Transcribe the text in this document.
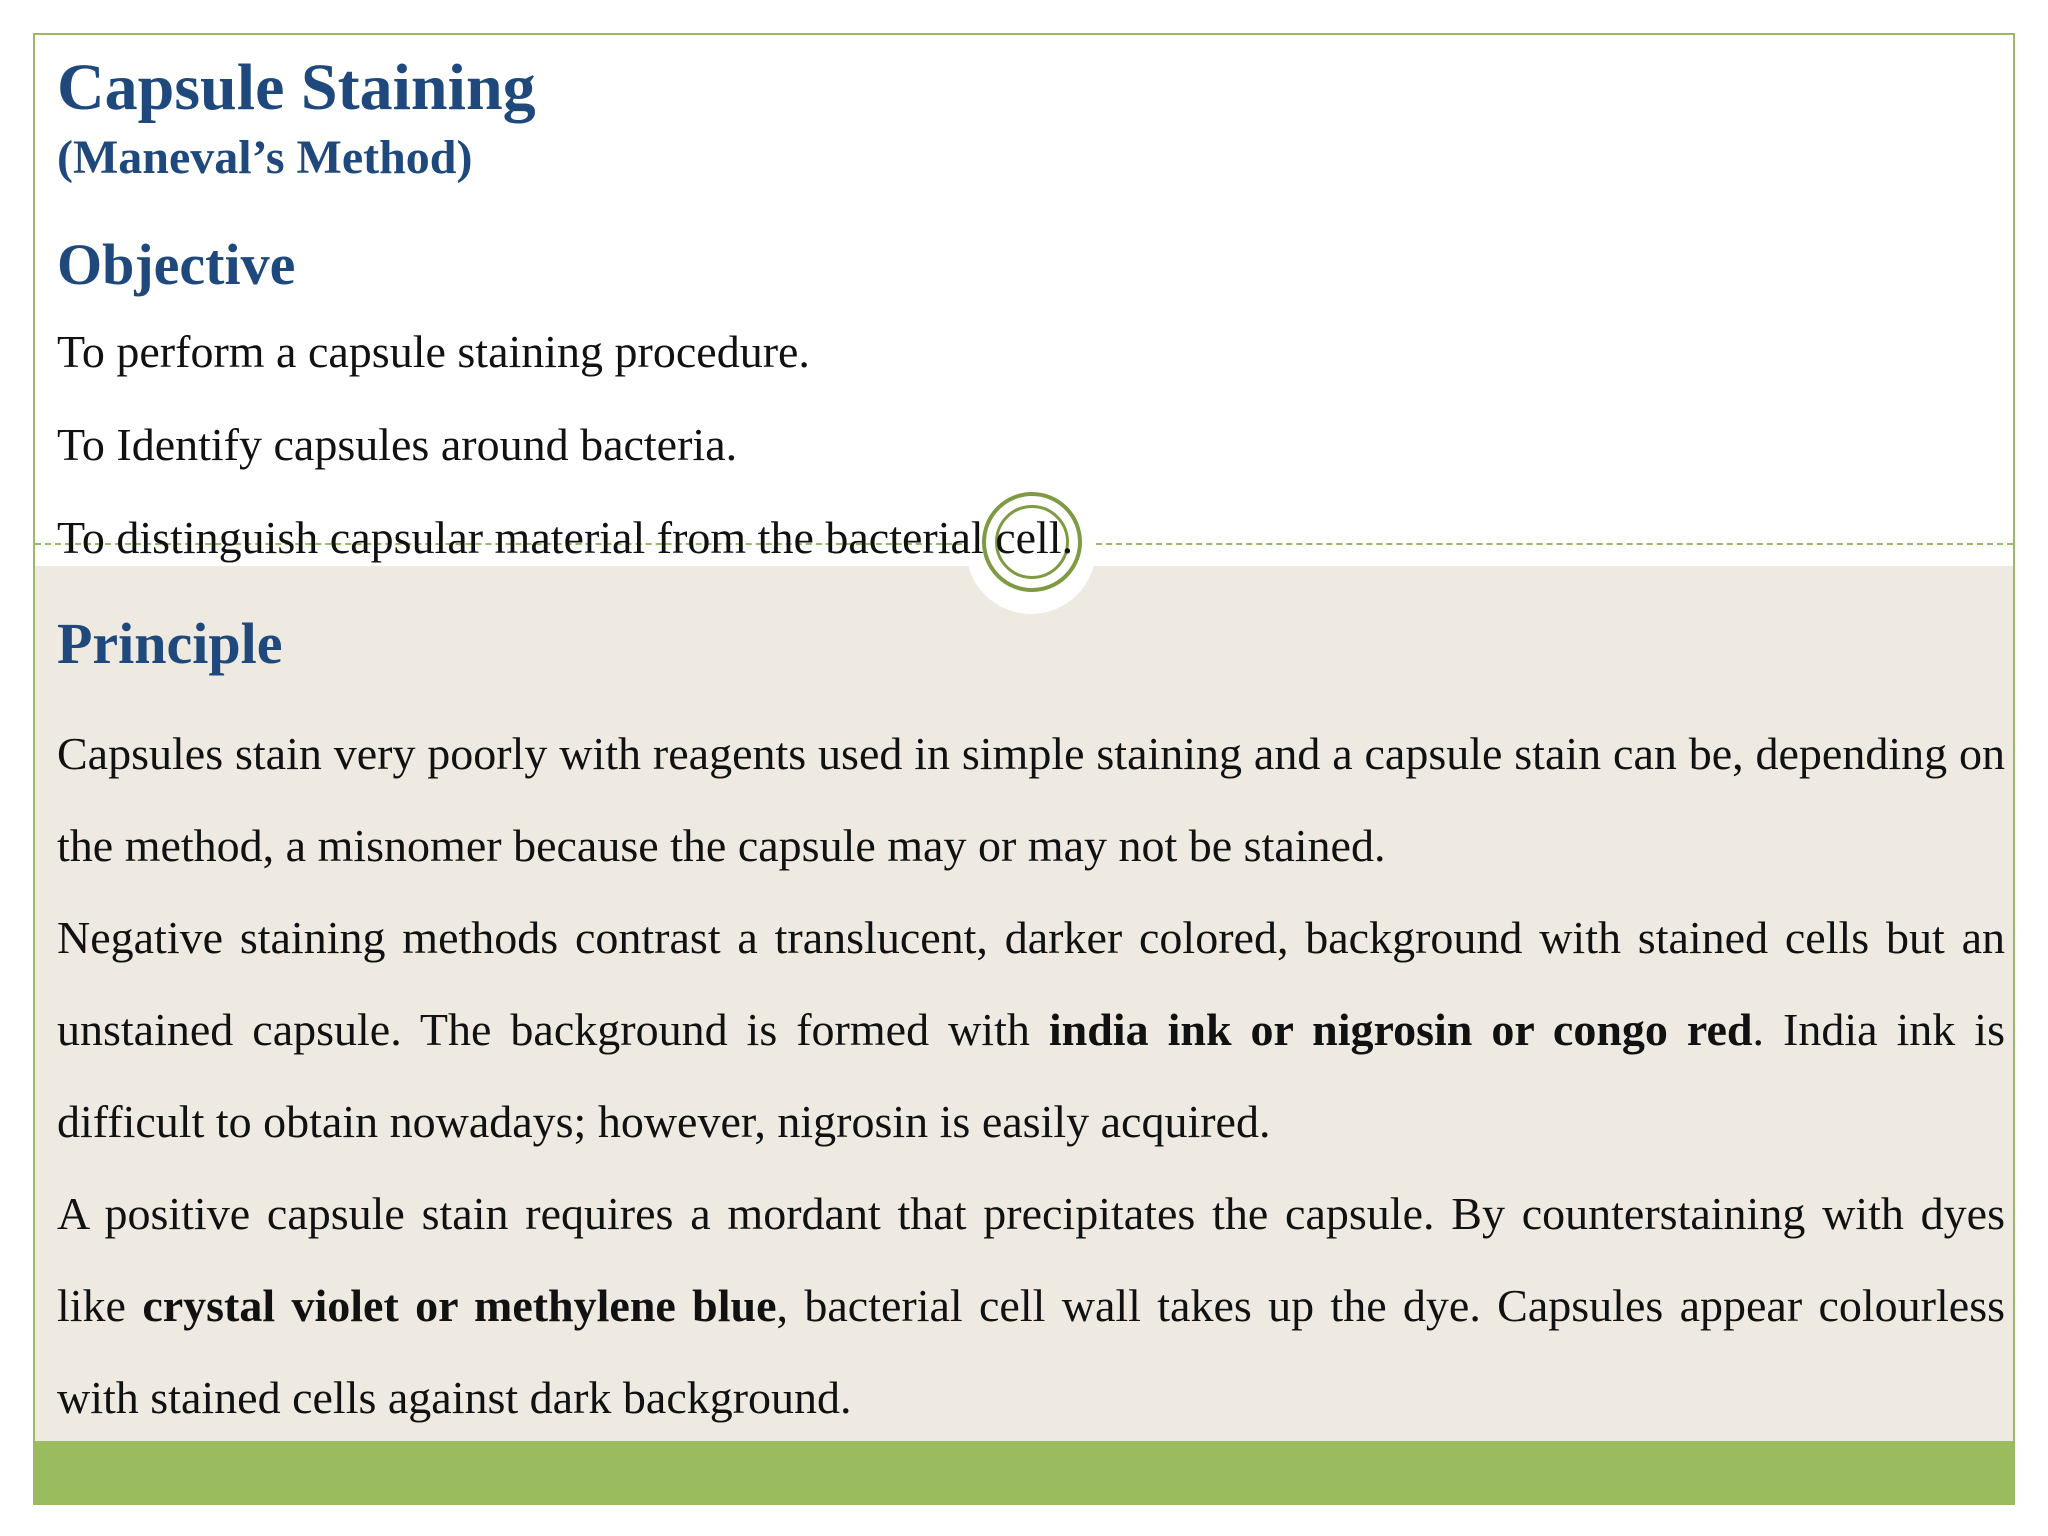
Capsule Staining
(Maneval’s Method)
Objective

To perform a capsule staining procedure.

To Identify capsules around bacteria.

To distinguish capsular material from the bacterial cell.

Principle

Capsules stain very poorly with reagents used in simple staining and a capsule stain can be, depending on the method, a misnomer because the capsule may or may not be stained.

Negative staining methods contrast a translucent, darker colored, background with stained cells but an unstained capsule. The background is formed with india ink or nigrosin or congo red. India ink is difficult to obtain nowadays; however, nigrosin is easily acquired.

A positive capsule stain requires a mordant that precipitates the capsule. By counterstaining with dyes like crystal violet or methylene blue, bacterial cell wall takes up the dye. Capsules appear colourless with stained cells against dark background.
